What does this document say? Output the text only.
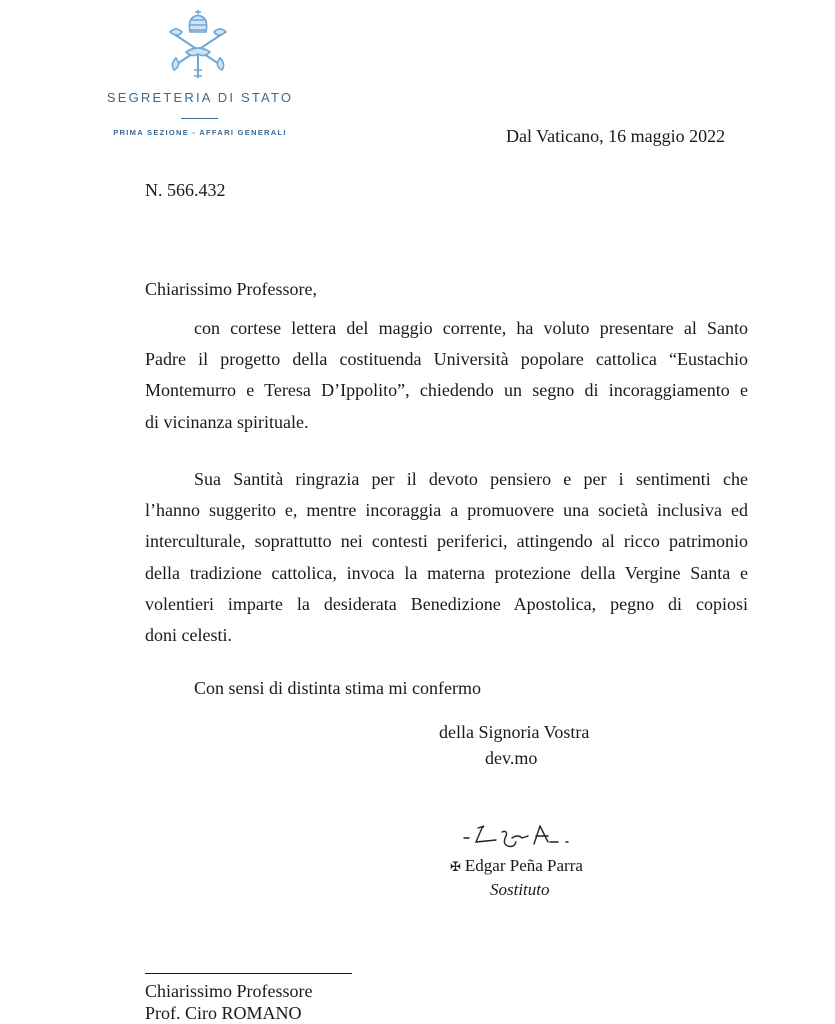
SEGRETERIA DI STATO
PRIMA SEZIONE - AFFARI GENERALI	Dal Vaticano, 16 maggio 2022
N. 566.432
Chiarissimo Professore,
con cortese lettera del maggio corrente, ha voluto presentare al Santo
Padre il progetto della costituenda Università popolare cattolica “Eustachio
Montemurro e Teresa D’Ippolito”, chiedendo un segno di incoraggiamento e
di vicinanza spirituale.
Sua Santità ringrazia per il devoto pensiero e per i sentimenti che
l’hanno suggerito e, mentre incoraggia a promuovere una società inclusiva ed
interculturale, soprattutto nei contesti periferici, attingendo al ricco patrimonio
della tradizione cattolica, invoca la materna protezione della Vergine Santa e
volentieri imparte la desiderata Benedizione Apostolica, pegno di copiosi
doni celesti.
Con sensi di distinta stima mi confermo
della Signoria Vostra
dev.mo
✠ Edgar Peña Parra
Sostituto
Chiarissimo Professore
Prof. Ciro ROMANO
